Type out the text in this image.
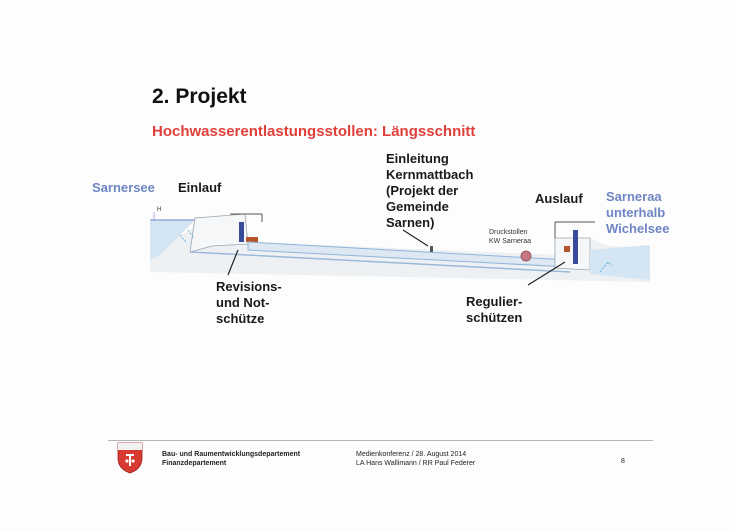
2. Projekt
Hochwasserentlastungsstollen: Längsschnitt
H
Sarnersee Einlauf
Einleitung
Kernmattbach
(Projekt der
Gemeinde
Sarnen)
Auslauf Sarneraa
unterhalb
Wichelsee
Druckstollen
KW Sarneraa
Revisions-
und Not-
schütze
Regulier-
schützen
Bau- und Raumentwicklungsdepartement
Finanzdepartement
Medienkonferenz / 28. August 2014
LA Hans Wallimann / RR Paul Federer	8
